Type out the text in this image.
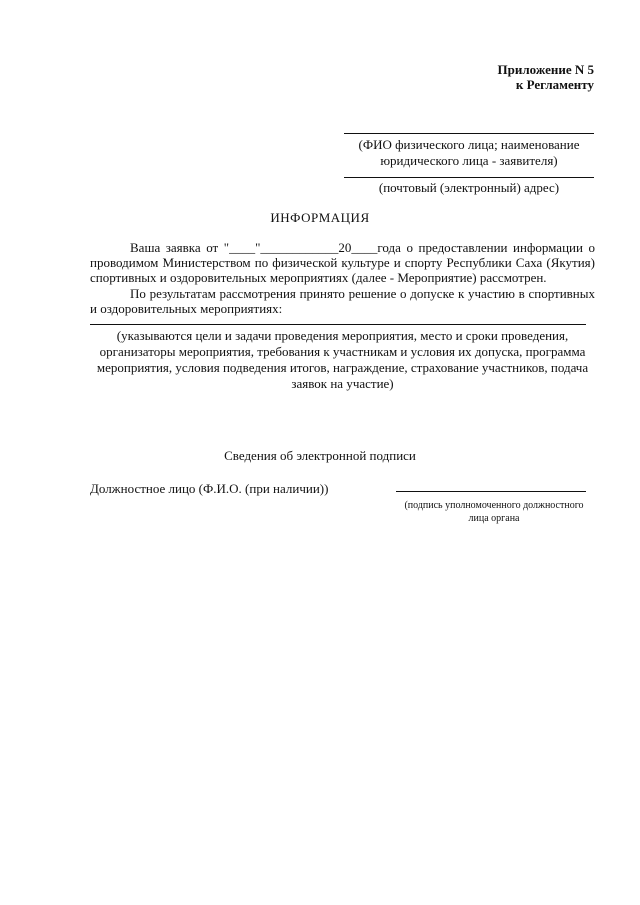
Приложение N 5
к Регламенту
(ФИО физического лица; наименование
юридического лица - заявителя)
(почтовый (электронный) адрес)
ИНФОРМАЦИЯ
Ваша заявка от "____"____________20____года о предоставлении информации о проводимом Министерством по физической культуре и спорту Республики Саха (Якутия) спортивных и оздоровительных мероприятиях (далее - Мероприятие) рассмотрен.
По результатам рассмотрения принято решение о допуске к участию в спортивных и оздоровительных мероприятиях:
(указываются цели и задачи проведения мероприятия, место и сроки проведения, организаторы мероприятия, требования к участникам и условия их допуска, программа мероприятия, условия подведения итогов, награждение, страхование участников, подача заявок на участие)
Сведения об электронной подписи
Должностное лицо (Ф.И.О. (при наличии))
(подпись уполномоченного должностного
лица органа
